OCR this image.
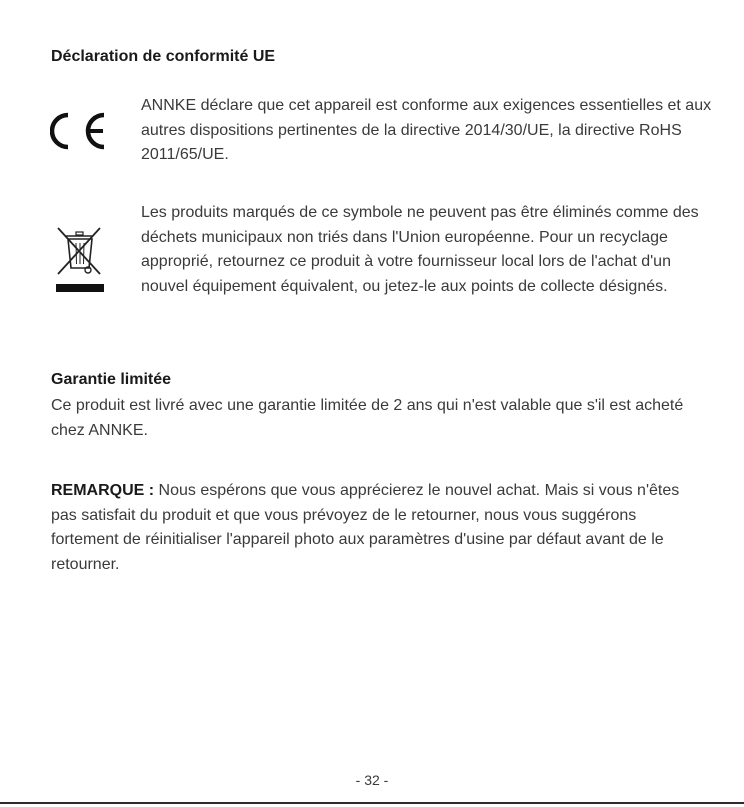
Déclaration de conformité UE

ANNKE déclare que cet appareil est conforme aux exigences essentielles et aux autres dispositions pertinentes de la directive 2014/30/UE, la directive RoHS 2011/65/UE.

Les produits marqués de ce symbole ne peuvent pas être éliminés comme des déchets municipaux non triés dans l'Union européenne. Pour un recyclage approprié, retournez ce produit à votre fournisseur local lors de l'achat d'un nouvel équipement équivalent, ou jetez-le aux points de collecte désignés.

Garantie limitée

Ce produit est livré avec une garantie limitée de 2 ans qui n'est valable que s'il est acheté chez ANNKE.

REMARQUE : Nous espérons que vous apprécierez le nouvel achat. Mais si vous n'êtes pas satisfait du produit et que vous prévoyez de le retourner, nous vous suggérons fortement de réinitialiser l'appareil photo aux paramètres d'usine par défaut avant de le retourner.

- 32 -
